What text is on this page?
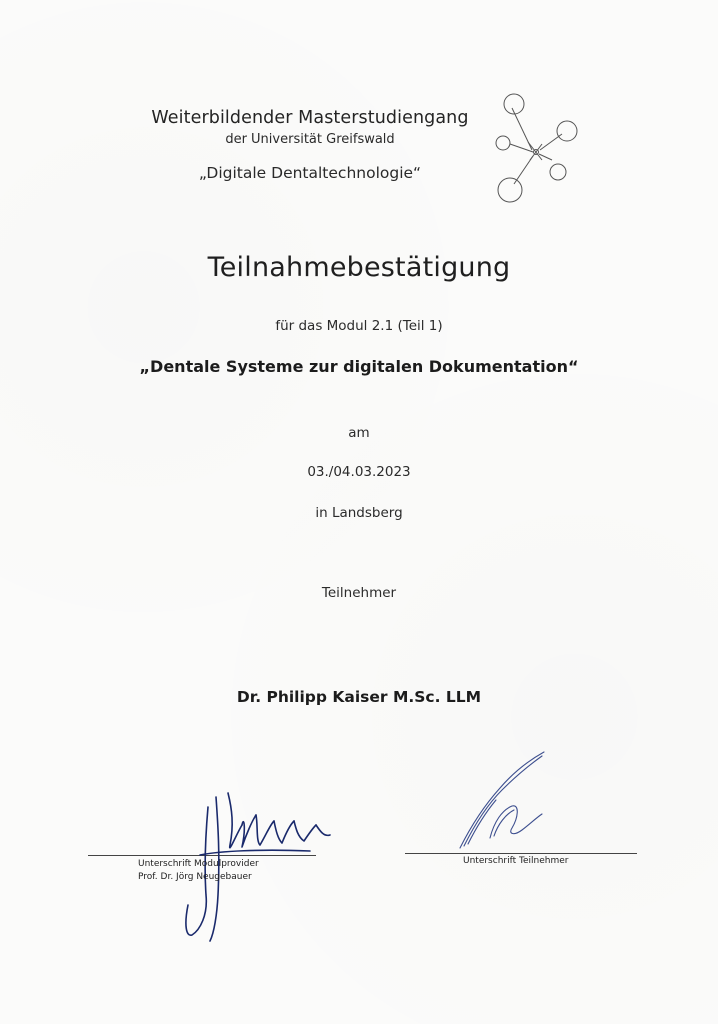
Weiterbildender Masterstudiengang
der Universität Greifswald
„Digitale Dentaltechnologie“
Teilnahmebestätigung
für das Modul 2.1 (Teil 1)
„Dentale Systeme zur digitalen Dokumentation“
am
03./04.03.2023
in Landsberg
Teilnehmer
Dr. Philipp Kaiser M.Sc. LLM
Unterschrift Modulprovider
Prof. Dr. Jörg Neugebauer
Unterschrift Teilnehmer
